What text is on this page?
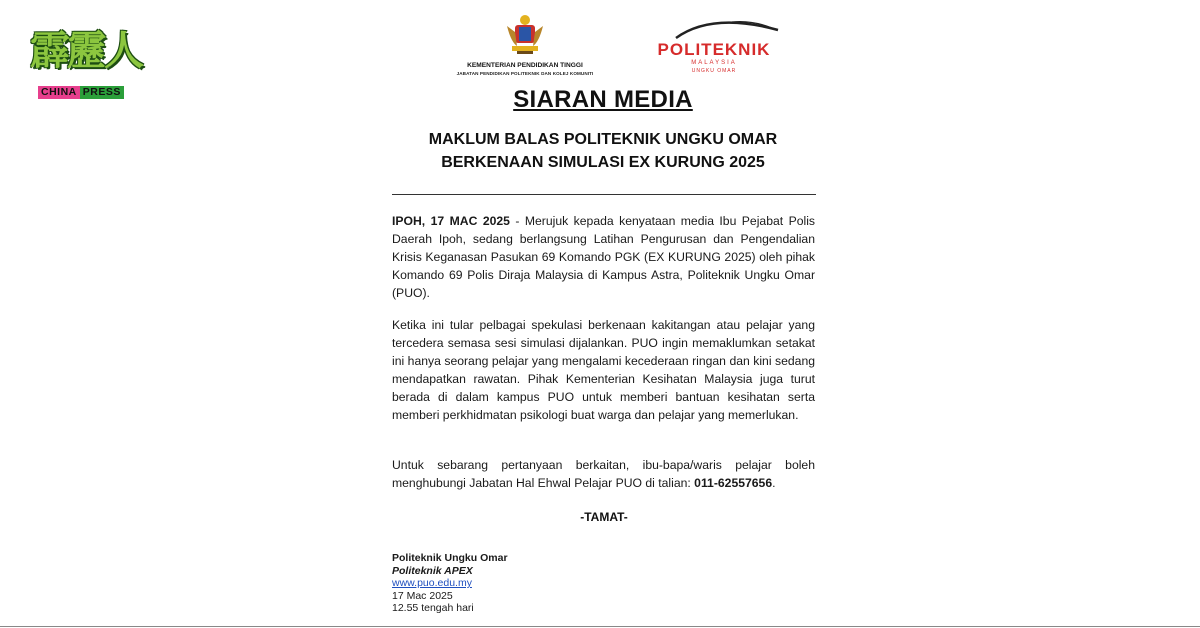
霹靂人
CHINA PRESS
KEMENTERIAN PENDIDIKAN TINGGI
JABATAN PENDIDIKAN POLITEKNIK DAN KOLEJ KOMUNITI
POLITEKNIK
MALAYSIA
UNGKU OMAR
SIARAN MEDIA
MAKLUM BALAS POLITEKNIK UNGKU OMAR
BERKENAAN SIMULASI EX KURUNG 2025

IPOH, 17 MAC 2025 - Merujuk kepada kenyataan media Ibu Pejabat Polis Daerah Ipoh, sedang berlangsung Latihan Pengurusan dan Pengendalian Krisis Keganasan Pasukan 69 Komando PGK (EX KURUNG 2025) oleh pihak Komando 69 Polis Diraja Malaysia di Kampus Astra, Politeknik Ungku Omar (PUO).

Ketika ini tular pelbagai spekulasi berkenaan kakitangan atau pelajar yang tercedera semasa sesi simulasi dijalankan. PUO ingin memaklumkan setakat ini hanya seorang pelajar yang mengalami kecederaan ringan dan kini sedang mendapatkan rawatan. Pihak Kementerian Kesihatan Malaysia juga turut berada di dalam kampus PUO untuk memberi bantuan kesihatan serta memberi perkhidmatan psikologi buat warga dan pelajar yang memerlukan.

Untuk sebarang pertanyaan berkaitan, ibu-bapa/waris pelajar boleh menghubungi Jabatan Hal Ehwal Pelajar PUO di talian: 011-62557656.

-TAMAT-
Politeknik Ungku Omar
Politeknik APEX
www.puo.edu.my
17 Mac 2025
12.55 tengah hari
